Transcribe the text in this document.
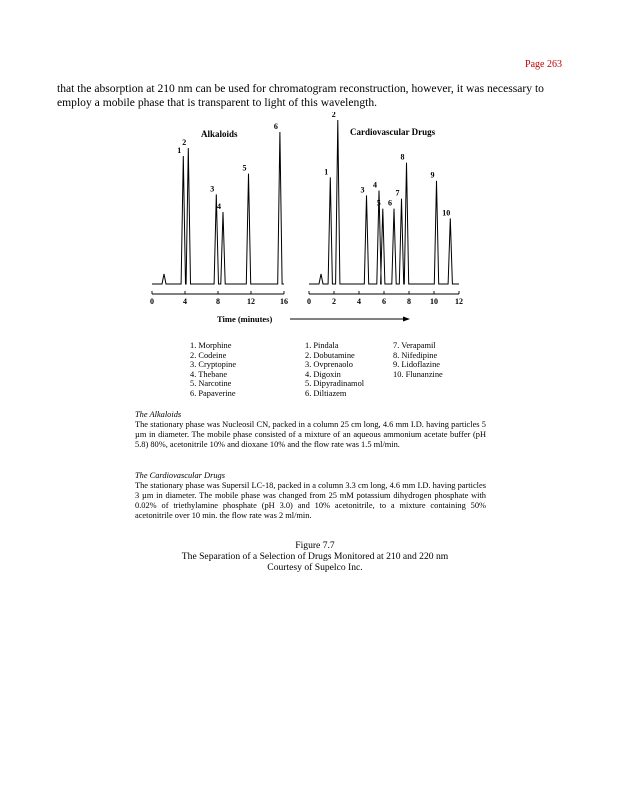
Page 263
that the absorption at 210 nm can be used for chromatogram reconstruction, however, it was necessary to employ a mobile phase that is transparent to light of this wavelength.
1
2
3
4
5
6
0	4	8	12	16
1
2
3
4
5 6
7
8
9
10
0	2	4	6	8 10 12
Alkaloids	Cardiovascular Drugs
Time (minutes)
1. Morphine
2. Codeine
3. Cryptopine
4. Thebane
5. Narcotine
6. Papaverine
1. Pindala
2. Dobutamine
3. Ovprenaolo
4. Digoxin
5. Dipyradinamol
6. Diltiazem
7. Verapamil
8. Nifedipine
9. Lidoflazine
10. Flunanzine
The Alkaloids
The stationary phase was Nucleosil CN, packed in a column 25 cm long, 4.6 mm I.D. having particles 5 µm in diameter. The mobile phase consisted of a mixture of an aqueous ammonium acetate buffer (pH 5.8) 80%, acetonitrile 10% and dioxane 10% and the flow rate was 1.5 ml/min.
The Cardiovascular Drugs
The stationary phase was Supersil LC-18, packed in a column 3.3 cm long, 4.6 mm I.D. having particles 3 µm in diameter. The mobile phase was changed from 25 mM potassium dihydrogen phosphate with 0.02% of triethylamine phosphate (pH 3.0) and 10% acetonitrile, to a mixture containing 50% acetonitrile over 10 min. the flow rate was 2 ml/min.
Figure 7.7
The Separation of a Selection of Drugs Monitored at 210 and 220 nm
Courtesy of Supelco Inc.
